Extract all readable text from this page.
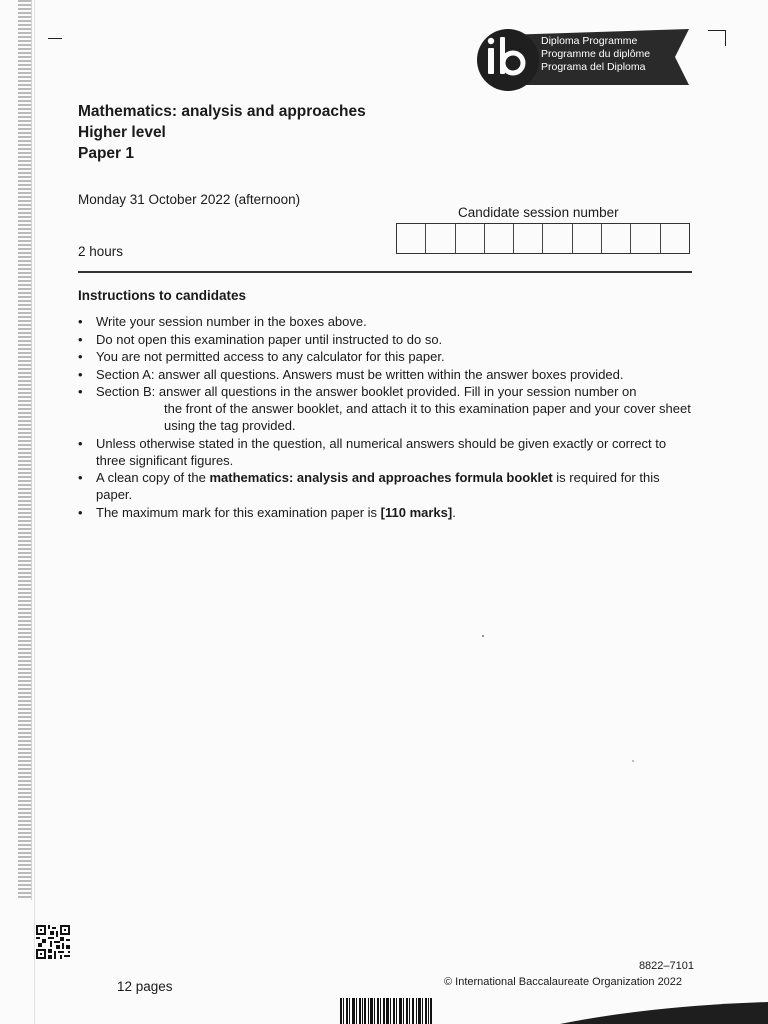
Diploma Programme
Programme du diplôme
Programa del Diploma
Mathematics: analysis and approaches
Higher level
Paper 1
Monday 31 October 2022 (afternoon)
2 hours
Candidate session number
Instructions to candidates
• Write your session number in the boxes above.
• Do not open this examination paper until instructed to do so.
• You are not permitted access to any calculator for this paper.
• Section A: answer all questions. Answers must be written within the answer boxes provided.
• Section B: answer all questions in the answer booklet provided. Fill in your session number on
the front of the answer booklet, and attach it to this examination paper and your cover sheet using the tag provided.
• Unless otherwise stated in the question, all numerical answers should be given exactly or correct to three significant figures.
• A clean copy of the mathematics: analysis and approaches formula booklet is required for this paper.
• The maximum mark for this examination paper is [110 marks].
12 pages
8822–7101
© International Baccalaureate Organization 2022
